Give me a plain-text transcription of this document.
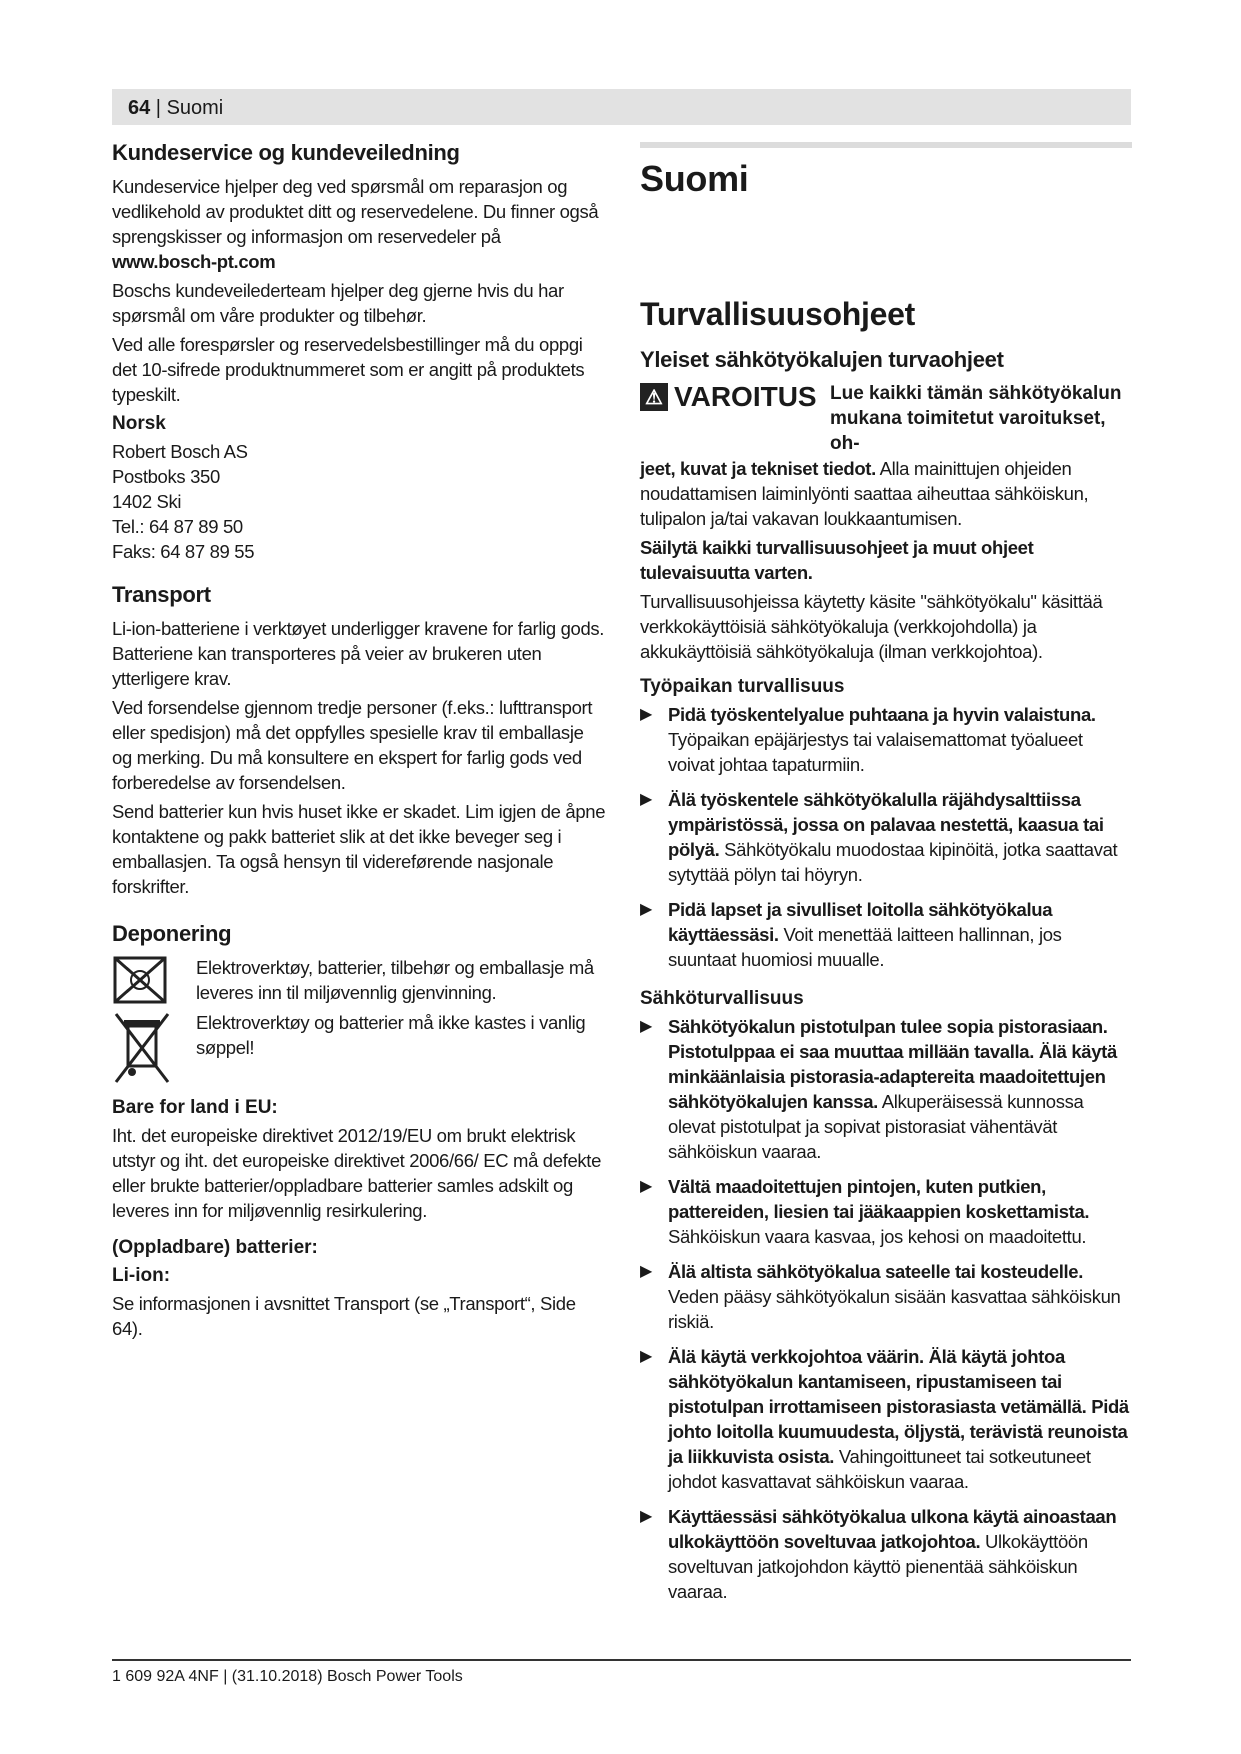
64 | Suomi
Kundeservice og kundeveiledning

Kundeservice hjelper deg ved spørsmål om reparasjon og vedlikehold av produktet ditt og reservedelene. Du finner også sprengskisser og informasjon om reservedeler på
www.bosch-pt.com

Boschs kundeveilederteam hjelper deg gjerne hvis du har spørsmål om våre produkter og tilbehør.

Ved alle forespørsler og reservedelsbestillinger må du oppgi det 10-sifrede produktnummeret som er angitt på produktets typeskilt.

Norsk

Robert Bosch AS

Postboks 350

1402 Ski

Tel.: 64 87 89 50

Faks: 64 87 89 55

Transport

Li-ion-batteriene i verktøyet underligger kravene for farlig gods. Batteriene kan transporteres på veier av brukeren uten ytterligere krav.

Ved forsendelse gjennom tredje personer (f.eks.: lufttransport eller spedisjon) må det oppfylles spesielle krav til emballasje og merking. Du må konsultere en ekspert for farlig gods ved forberedelse av forsendelsen.

Send batterier kun hvis huset ikke er skadet. Lim igjen de åpne kontaktene og pakk batteriet slik at det ikke beveger seg i emballasjen. Ta også hensyn til videreførende nasjonale forskrifter.

Deponering

Elektroverktøy, batterier, tilbehør og emballasje må leveres inn til miljøvennlig gjenvinning.

Elektroverktøy og batterier må ikke kastes i vanlig søppel!

Bare for land i EU:

Iht. det europeiske direktivet 2012/19/EU om brukt elektrisk utstyr og iht. det europeiske direktivet 2006/66/ EC må defekte eller brukte batterier/oppladbare batterier samles adskilt og leveres inn for miljøvennlig resirkulering.

(Oppladbare) batterier:
Li-ion:

Se informasjonen i avsnittet Transport (se „Transport“, Side 64).

Suomi
Turvallisuusohjeet
Yleiset sähkötyökalujen turvaohjeet
⚠ VAROITUS Lue kaikki tämän sähkötyökalun mukana toimitetut varoitukset, oh-

jeet, kuvat ja tekniset tiedot. Alla mainittujen ohjeiden noudattamisen laiminlyönti saattaa aiheuttaa sähköiskun, tulipalon ja/tai vakavan loukkaantumisen.

Säilytä kaikki turvallisuusohjeet ja muut ohjeet tulevaisuutta varten.

Turvallisuusohjeissa käytetty käsite "sähkötyökalu" käsittää verkkokäyttöisiä sähkötyökaluja (verkkojohdolla) ja akkukäyttöisiä sähkötyökaluja (ilman verkkojohtoa).

Työpaikan turvallisuus
▶ Pidä työskentelyalue puhtaana ja hyvin valaistuna. Työpaikan epäjärjestys tai valaisemattomat työalueet voivat johtaa tapaturmiin.

▶ Älä työskentele sähkötyökalulla räjähdysalttiissa ympäristössä, jossa on palavaa nestettä, kaasua tai pölyä. Sähkötyökalu muodostaa kipinöitä, jotka saattavat sytyttää pölyn tai höyryn.

▶ Pidä lapset ja sivulliset loitolla sähkötyökalua käyttäessäsi. Voit menettää laitteen hallinnan, jos suuntaat huomiosi muualle.

Sähköturvallisuus
▶ Sähkötyökalun pistotulpan tulee sopia pistorasiaan. Pistotulppaa ei saa muuttaa millään tavalla. Älä käytä minkäänlaisia pistorasia-adaptereita maadoitettujen sähkötyökalujen kanssa. Alkuperäisessä kunnossa olevat pistotulpat ja sopivat pistorasiat vähentävät sähköiskun vaaraa.

▶ Vältä maadoitettujen pintojen, kuten putkien, pattereiden, liesien tai jääkaappien koskettamista. Sähköiskun vaara kasvaa, jos kehosi on maadoitettu.

▶ Älä altista sähkötyökalua sateelle tai kosteudelle. Veden pääsy sähkötyökalun sisään kasvattaa sähköiskun riskiä.

▶ Älä käytä verkkojohtoa väärin. Älä käytä johtoa sähkötyökalun kantamiseen, ripustamiseen tai pistotulpan irrottamiseen pistorasiasta vetämällä. Pidä johto loitolla kuumuudesta, öljystä, terävistä reunoista ja liikkuvista osista. Vahingoittuneet tai sotkeutuneet johdot kasvattavat sähköiskun vaaraa.

▶ Käyttäessäsi sähkötyökalua ulkona käytä ainoastaan ulkokäyttöön soveltuvaa jatkojohtoa. Ulkokäyttöön soveltuvan jatkojohdon käyttö pienentää sähköiskun vaaraa.

1 609 92A 4NF | (31.10.2018) Bosch Power Tools
